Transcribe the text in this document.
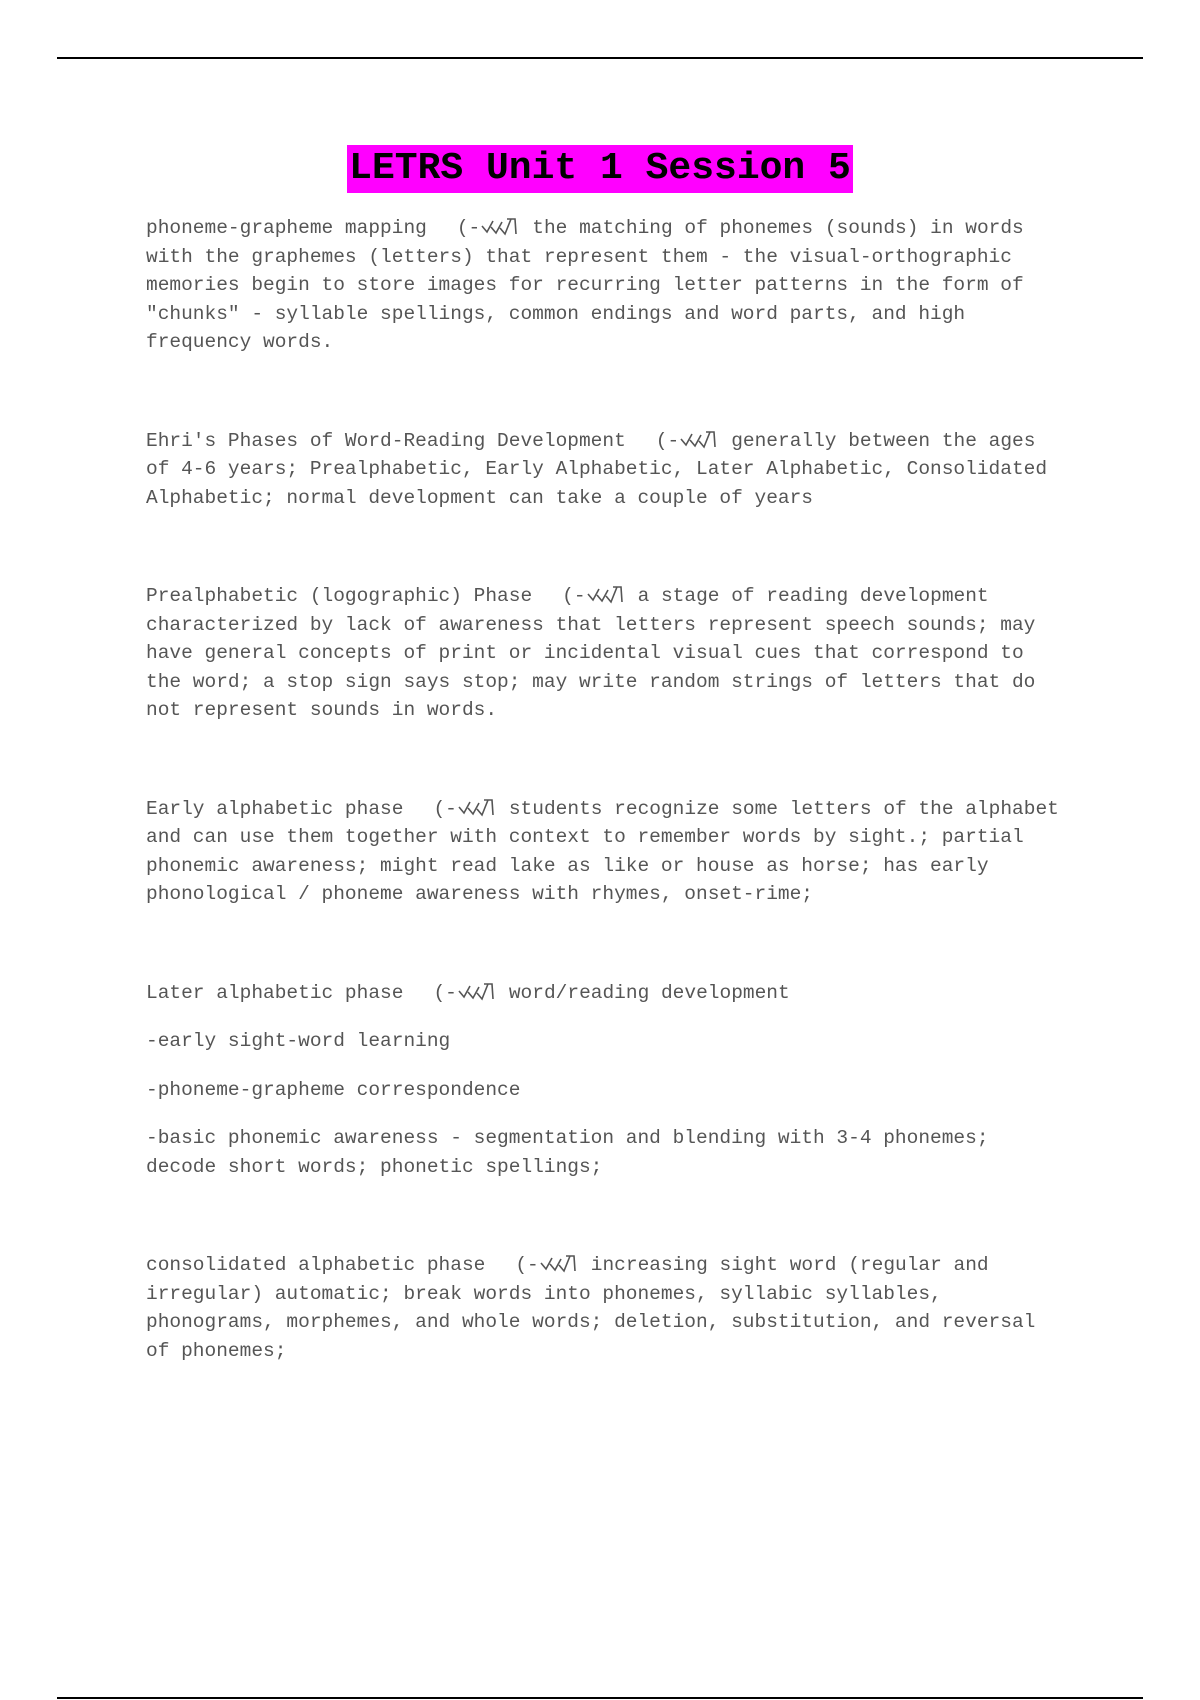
LETRS Unit 1 Session 5
phoneme-grapheme mapping (-	the matching of phonemes (sounds) in words with the graphemes (letters) that represent them - the visual-orthographic memories begin to store images for recurring letter patterns in the form of "chunks" - syllable spellings, common endings and word parts, and high frequency words.
Ehri's Phases of Word-Reading Development (-	generally between the ages of 4-6 years; Prealphabetic, Early Alphabetic, Later Alphabetic, Consolidated Alphabetic; normal development can take a couple of years
Prealphabetic (logographic) Phase (-	a stage of reading development characterized by lack of awareness that letters represent speech sounds; may have general concepts of print or incidental visual cues that correspond to the word; a stop sign says stop; may write random strings of letters that do not represent sounds in words.
Early alphabetic phase (-	students recognize some letters of the alphabet and can use them together with context to remember words by sight.; partial phonemic awareness; might read lake as like or house as horse; has early phonological / phoneme awareness with rhymes, onset-rime;
Later alphabetic phase (-	word/reading development
-early sight-word learning
-phoneme-grapheme correspondence
-basic phonemic awareness - segmentation and blending with 3-4 phonemes; decode short words; phonetic spellings;
consolidated alphabetic phase (-	increasing sight word (regular and irregular) automatic; break words into phonemes, syllabic syllables, phonograms, morphemes, and whole words; deletion, substitution, and reversal of phonemes;
